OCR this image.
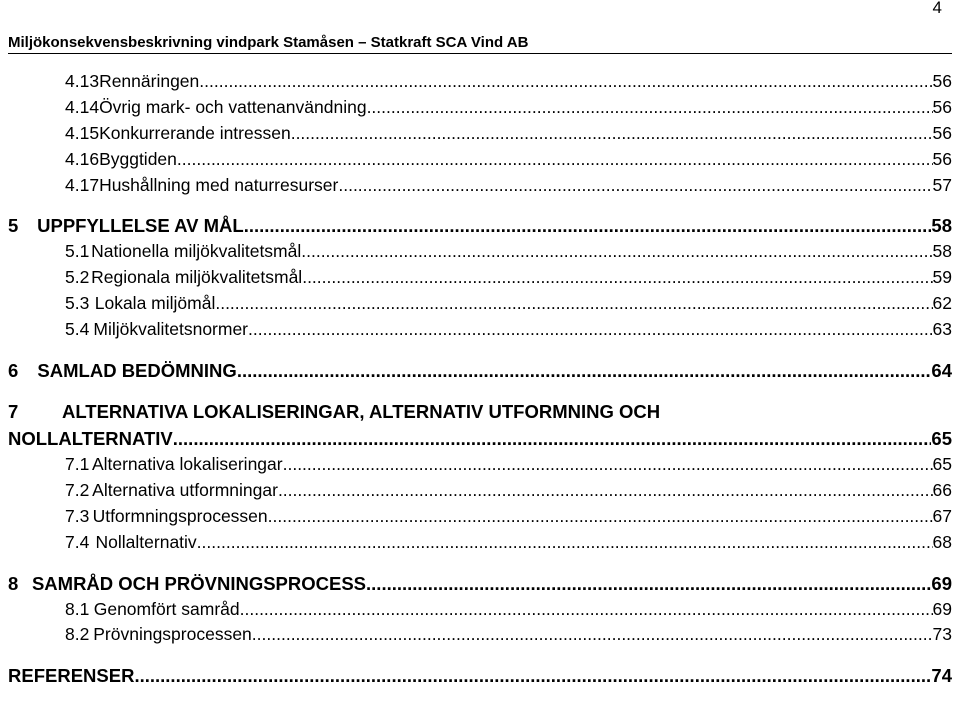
4
Miljökonsekvensbeskrivning vindpark Stamåsen – Statkraft SCA Vind AB
4.13 Rennäringen .....	56
4.14 Övrig mark- och vattenanvändning .....	56
4.15 Konkurrerande intressen .....	56
4.16 Byggtiden .....	56
4.17 Hushållning med naturresurser .....	57
5	UPPFYLLELSE AV MÅL .....	58
5.1 Nationella miljökvalitetsmål .....	58
5.2 Regionala miljökvalitetsmål .....	59
5.3 Lokala miljömål .....	62
5.4 Miljökvalitetsnormer .....	63
6	SAMLAD BEDÖMNING .....	64
7 ALTERNATIVA LOKALISERINGAR, ALTERNATIV UTFORMNING OCH
NOLLALTERNATIV .....	65
7.1 Alternativa lokaliseringar .....	65
7.2 Alternativa utformningar .....	66
7.3 Utformningsprocessen .....	67
7.4 Nollalternativ .....	68
8 SAMRÅD OCH PRÖVNINGSPROCESS .....	69
8.1 Genomfört samråd .....	69
8.2 Prövningsprocessen .....	73
REFERENSER .....	74
